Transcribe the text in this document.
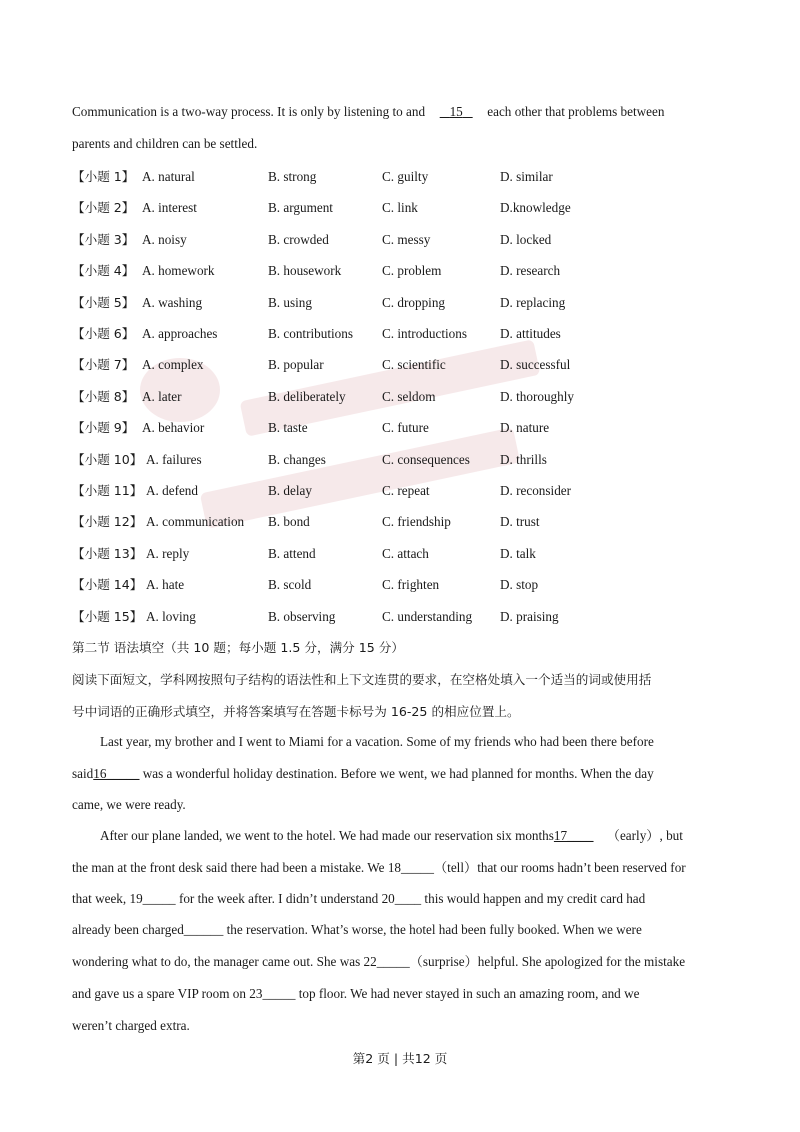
Communication is a two-way process. It is only by listening to and 15 each other that problems between
parents and children can be settled.
【小题 1】 A. natural	B. strong	C. guilty	D. similar
【小题 2】 A. interest	B. argument	C. link	D.knowledge
【小题 3】 A. noisy	B. crowded	C. messy	D. locked
【小题 4】 A. homework	B. housework	C. problem	D. research
【小题 5】 A. washing	B. using	C. dropping	D. replacing
【小题 6】 A. approaches	B. contributions C. introductions	D. attitudes
【小题 7】 A. complex	B. popular	C. scientific	D. successful
【小题 8】 A. later	B. deliberately	C. seldom	D. thoroughly
【小题 9】 A. behavior	B. taste	C. future	D. nature
【小题 10】 A. failures	B. changes	C. consequences D. thrills
【小题 11】 A. defend	B. delay	C. repeat	D. reconsider
【小题 12】 A. communication B. bond	C. friendship	D. trust
【小题 13】 A. reply	B. attend	C. attach	D. talk
【小题 14】 A. hate	B. scold	C. frighten	D. stop
【小题 15】 A. loving	B. observing	C. understanding D. praising
第二节 语法填空（共 10 题；每小题 1.5 分，满分 15 分）
阅读下面短文，学科网按照句子结构的语法性和上下文连贯的要求，在空格处填入一个适当的词或使用括
号中词语的正确形式填空，并将答案填写在答题卡标号为 16-25 的相应位置上。
Last year, my brother and I went to Miami for a vacation. Some of my friends who had been there before
said16_____ was a wonderful holiday destination. Before we went, we had planned for months. When the day
came, we were ready.
After our plane landed, we went to the hotel. We had made our reservation six months17____ （early）, but
the man at the front desk said there had been a mistake. We 18_____（tell）that our rooms hadn’t been reserved for
that week, 19_____ for the week after. I didn’t understand 20____ this would happen and my credit card had
already been charged______ the reservation. What’s worse, the hotel had been fully booked. When we were
wondering what to do, the manager came out. She was 22_____（surprise）helpful. She apologized for the mistake
and gave us a spare VIP room on 23_____ top floor. We had never stayed in such an amazing room, and we
weren’t charged extra.
第2 页 | 共12 页
